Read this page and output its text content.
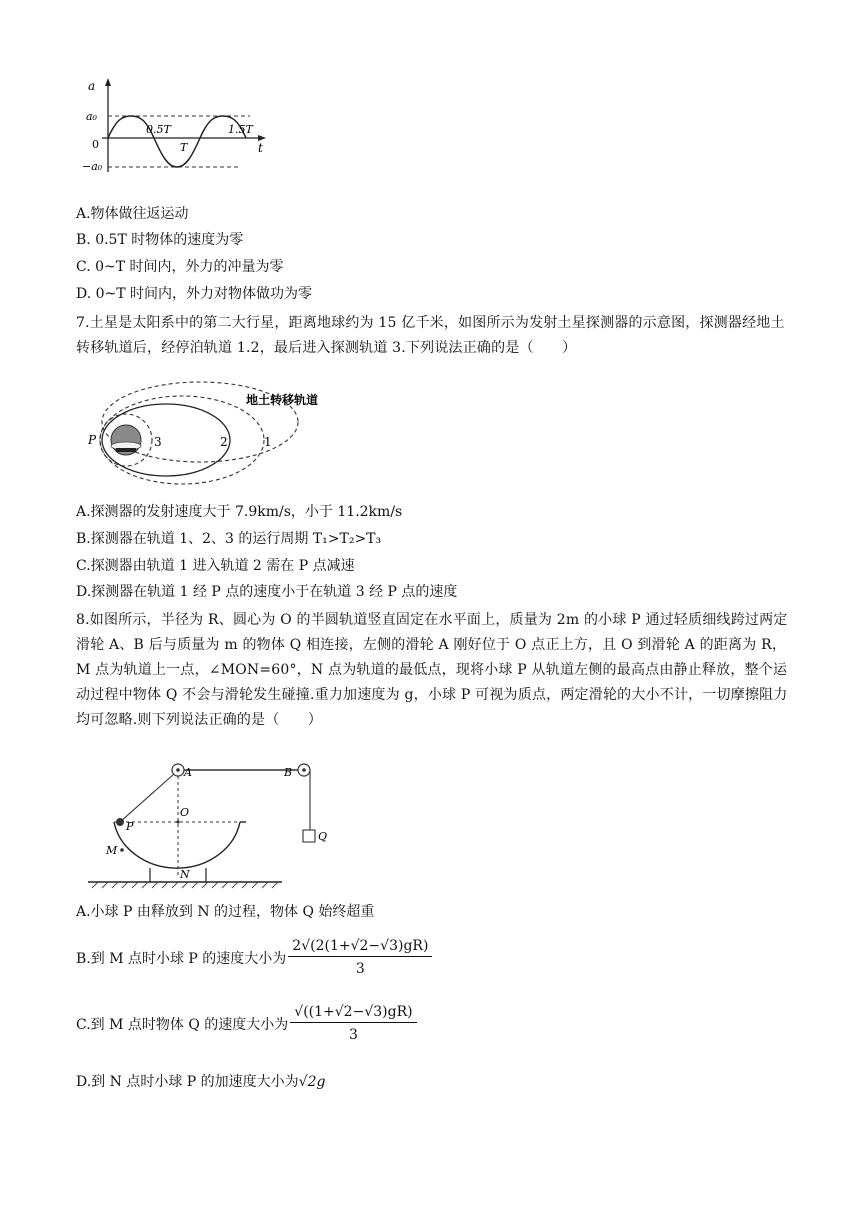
a
t
a₀
0
−a₀
0.5T
T
1.5T
A.物体做往返运动
B. 0.5T 时物体的速度为零
C. 0~T 时间内，外力的冲量为零
D. 0~T 时间内，外力对物体做功为零
7.土星是太阳系中的第二大行星，距离地球约为 15 亿千米，如图所示为发射土星探测器的示意图，探测器经地土转移轨道后，经停泊轨道 1.2，最后进入探测轨道 3.下列说法正确的是（　　）
地土转移轨道
P	3	2	1
A.探测器的发射速度大于 7.9km/s，小于 11.2km/s
B.探测器在轨道 1、2、3 的运行周期 T₁>T₂>T₃
C.探测器由轨道 1 进入轨道 2 需在 P 点减速
D.探测器在轨道 1 经 P 点的速度小于在轨道 3 经 P 点的速度
8.如图所示，半径为 R、圆心为 O 的半圆轨道竖直固定在水平面上，质量为 2m 的小球 P 通过轻质细线跨过两定滑轮 A、B 后与质量为 m 的物体 Q 相连接，左侧的滑轮 A 刚好位于 O 点正上方，且 O 到滑轮 A 的距离为 R，M 点为轨道上一点，∠MON=60°，N 点为轨道的最低点，现将小球 P 从轨道左侧的最高点由静止释放，整个运动过程中物体 Q 不会与滑轮发生碰撞.重力加速度为 g，小球 P 可视为质点，两定滑轮的大小不计，一切摩擦阻力均可忽略.则下列说法正确的是（　　）
A	B
O
P
M
N
Q
A.小球 P 由释放到 N 的过程，物体 Q 始终超重
B.到 M 点时小球 P 的速度大小为 $\frac{2√(2(1+√2-√3)gR)}{3}$
C.到 M 点时物体 Q 的速度大小为 $\frac{√((1+√2-√3)gR)}{3}$
D.到 N 点时小球 P 的加速度大小为√2g
